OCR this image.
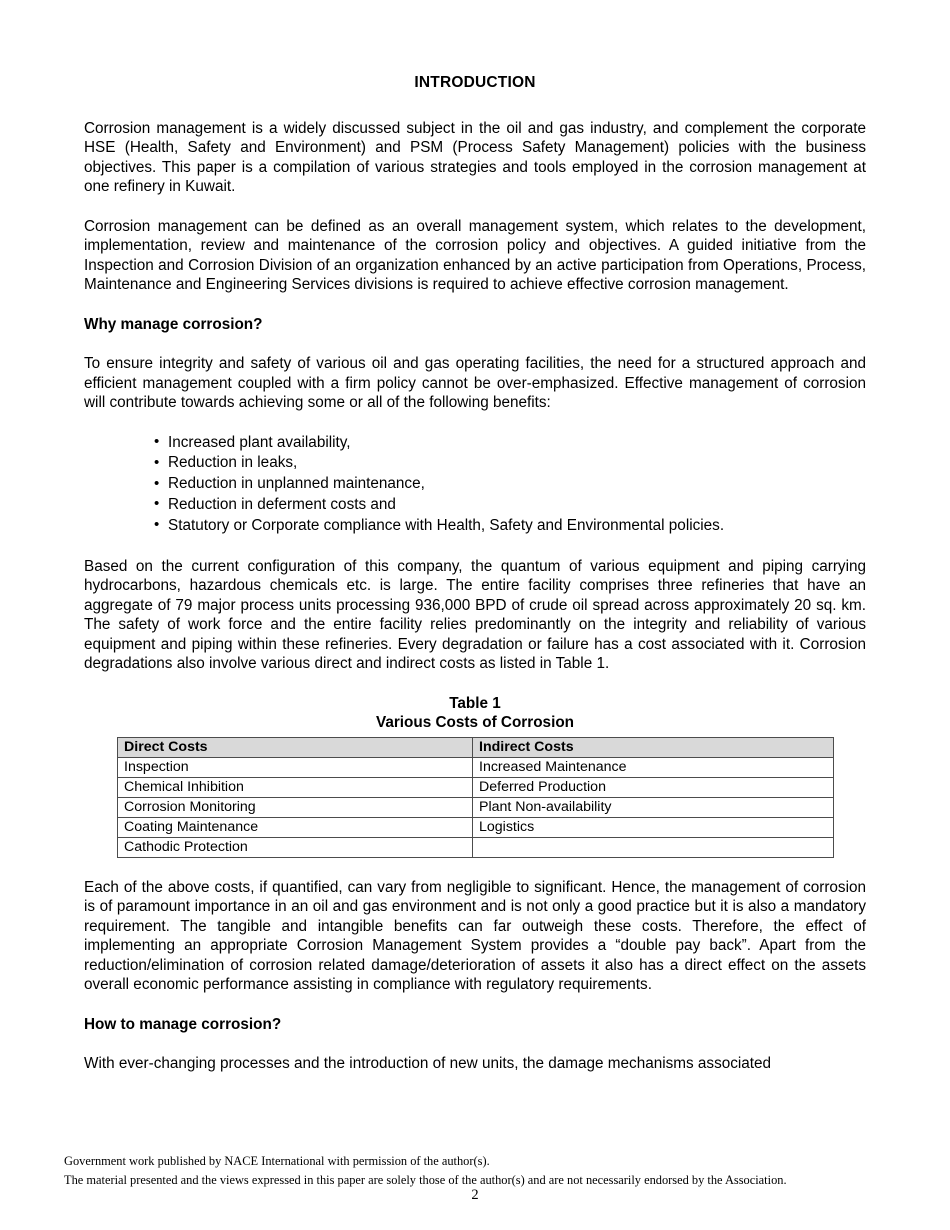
INTRODUCTION

Corrosion management is a widely discussed subject in the oil and gas industry, and complement the corporate HSE (Health, Safety and Environment) and PSM (Process Safety Management) policies with the business objectives. This paper is a compilation of various strategies and tools employed in the corrosion management at one refinery in Kuwait.

Corrosion management can be defined as an overall management system, which relates to the development, implementation, review and maintenance of the corrosion policy and objectives. A guided initiative from the Inspection and Corrosion Division of an organization enhanced by an active participation from Operations, Process, Maintenance and Engineering Services divisions is required to achieve effective corrosion management.

Why manage corrosion?

To ensure integrity and safety of various oil and gas operating facilities, the need for a structured approach and efficient management coupled with a firm policy cannot be over-emphasized. Effective management of corrosion will contribute towards achieving some or all of the following benefits:

• Increased plant availability,
• Reduction in leaks,
• Reduction in unplanned maintenance,
• Reduction in deferment costs and
• Statutory or Corporate compliance with Health, Safety and Environmental policies.

Based on the current configuration of this company, the quantum of various equipment and piping carrying hydrocarbons, hazardous chemicals etc. is large. The entire facility comprises three refineries that have an aggregate of 79 major process units processing 936,000 BPD of crude oil spread across approximately 20 sq. km. The safety of work force and the entire facility relies predominantly on the integrity and reliability of various equipment and piping within these refineries. Every degradation or failure has a cost associated with it. Corrosion degradations also involve various direct and indirect costs as listed in Table 1.

Table 1
Various Costs of Corrosion
Direct Costs	Indirect Costs
Inspection	Increased Maintenance
Chemical Inhibition	Deferred Production
Corrosion Monitoring	Plant Non-availability
Coating Maintenance	Logistics
Cathodic Protection	

Each of the above costs, if quantified, can vary from negligible to significant. Hence, the management of corrosion is of paramount importance in an oil and gas environment and is not only a good practice but it is also a mandatory requirement. The tangible and intangible benefits can far outweigh these costs. Therefore, the effect of implementing an appropriate Corrosion Management System provides a “double pay back”. Apart from the reduction/elimination of corrosion related damage/deterioration of assets it also has a direct effect on the assets overall economic performance assisting in compliance with regulatory requirements.

How to manage corrosion?

With ever-changing processes and the introduction of new units, the damage mechanisms associated

Government work published by NACE International with permission of the author(s).
The material presented and the views expressed in this paper are solely those of the author(s) and are not necessarily endorsed by the Association.
2
